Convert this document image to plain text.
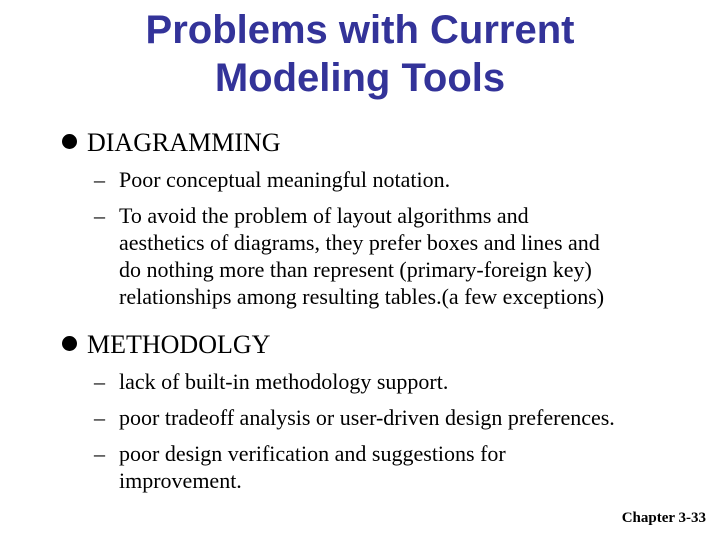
Problems with Current
Modeling Tools
DIAGRAMMING
– Poor conceptual meaningful notation.
– To avoid the problem of layout algorithms and
aesthetics of diagrams, they prefer boxes and lines and
do nothing more than represent (primary-foreign key)
relationships among resulting tables.(a few exceptions)
METHODOLGY
– lack of built-in methodology support.
– poor tradeoff analysis or user-driven design preferences.
– poor design verification and suggestions for
improvement.
Chapter 3-33
